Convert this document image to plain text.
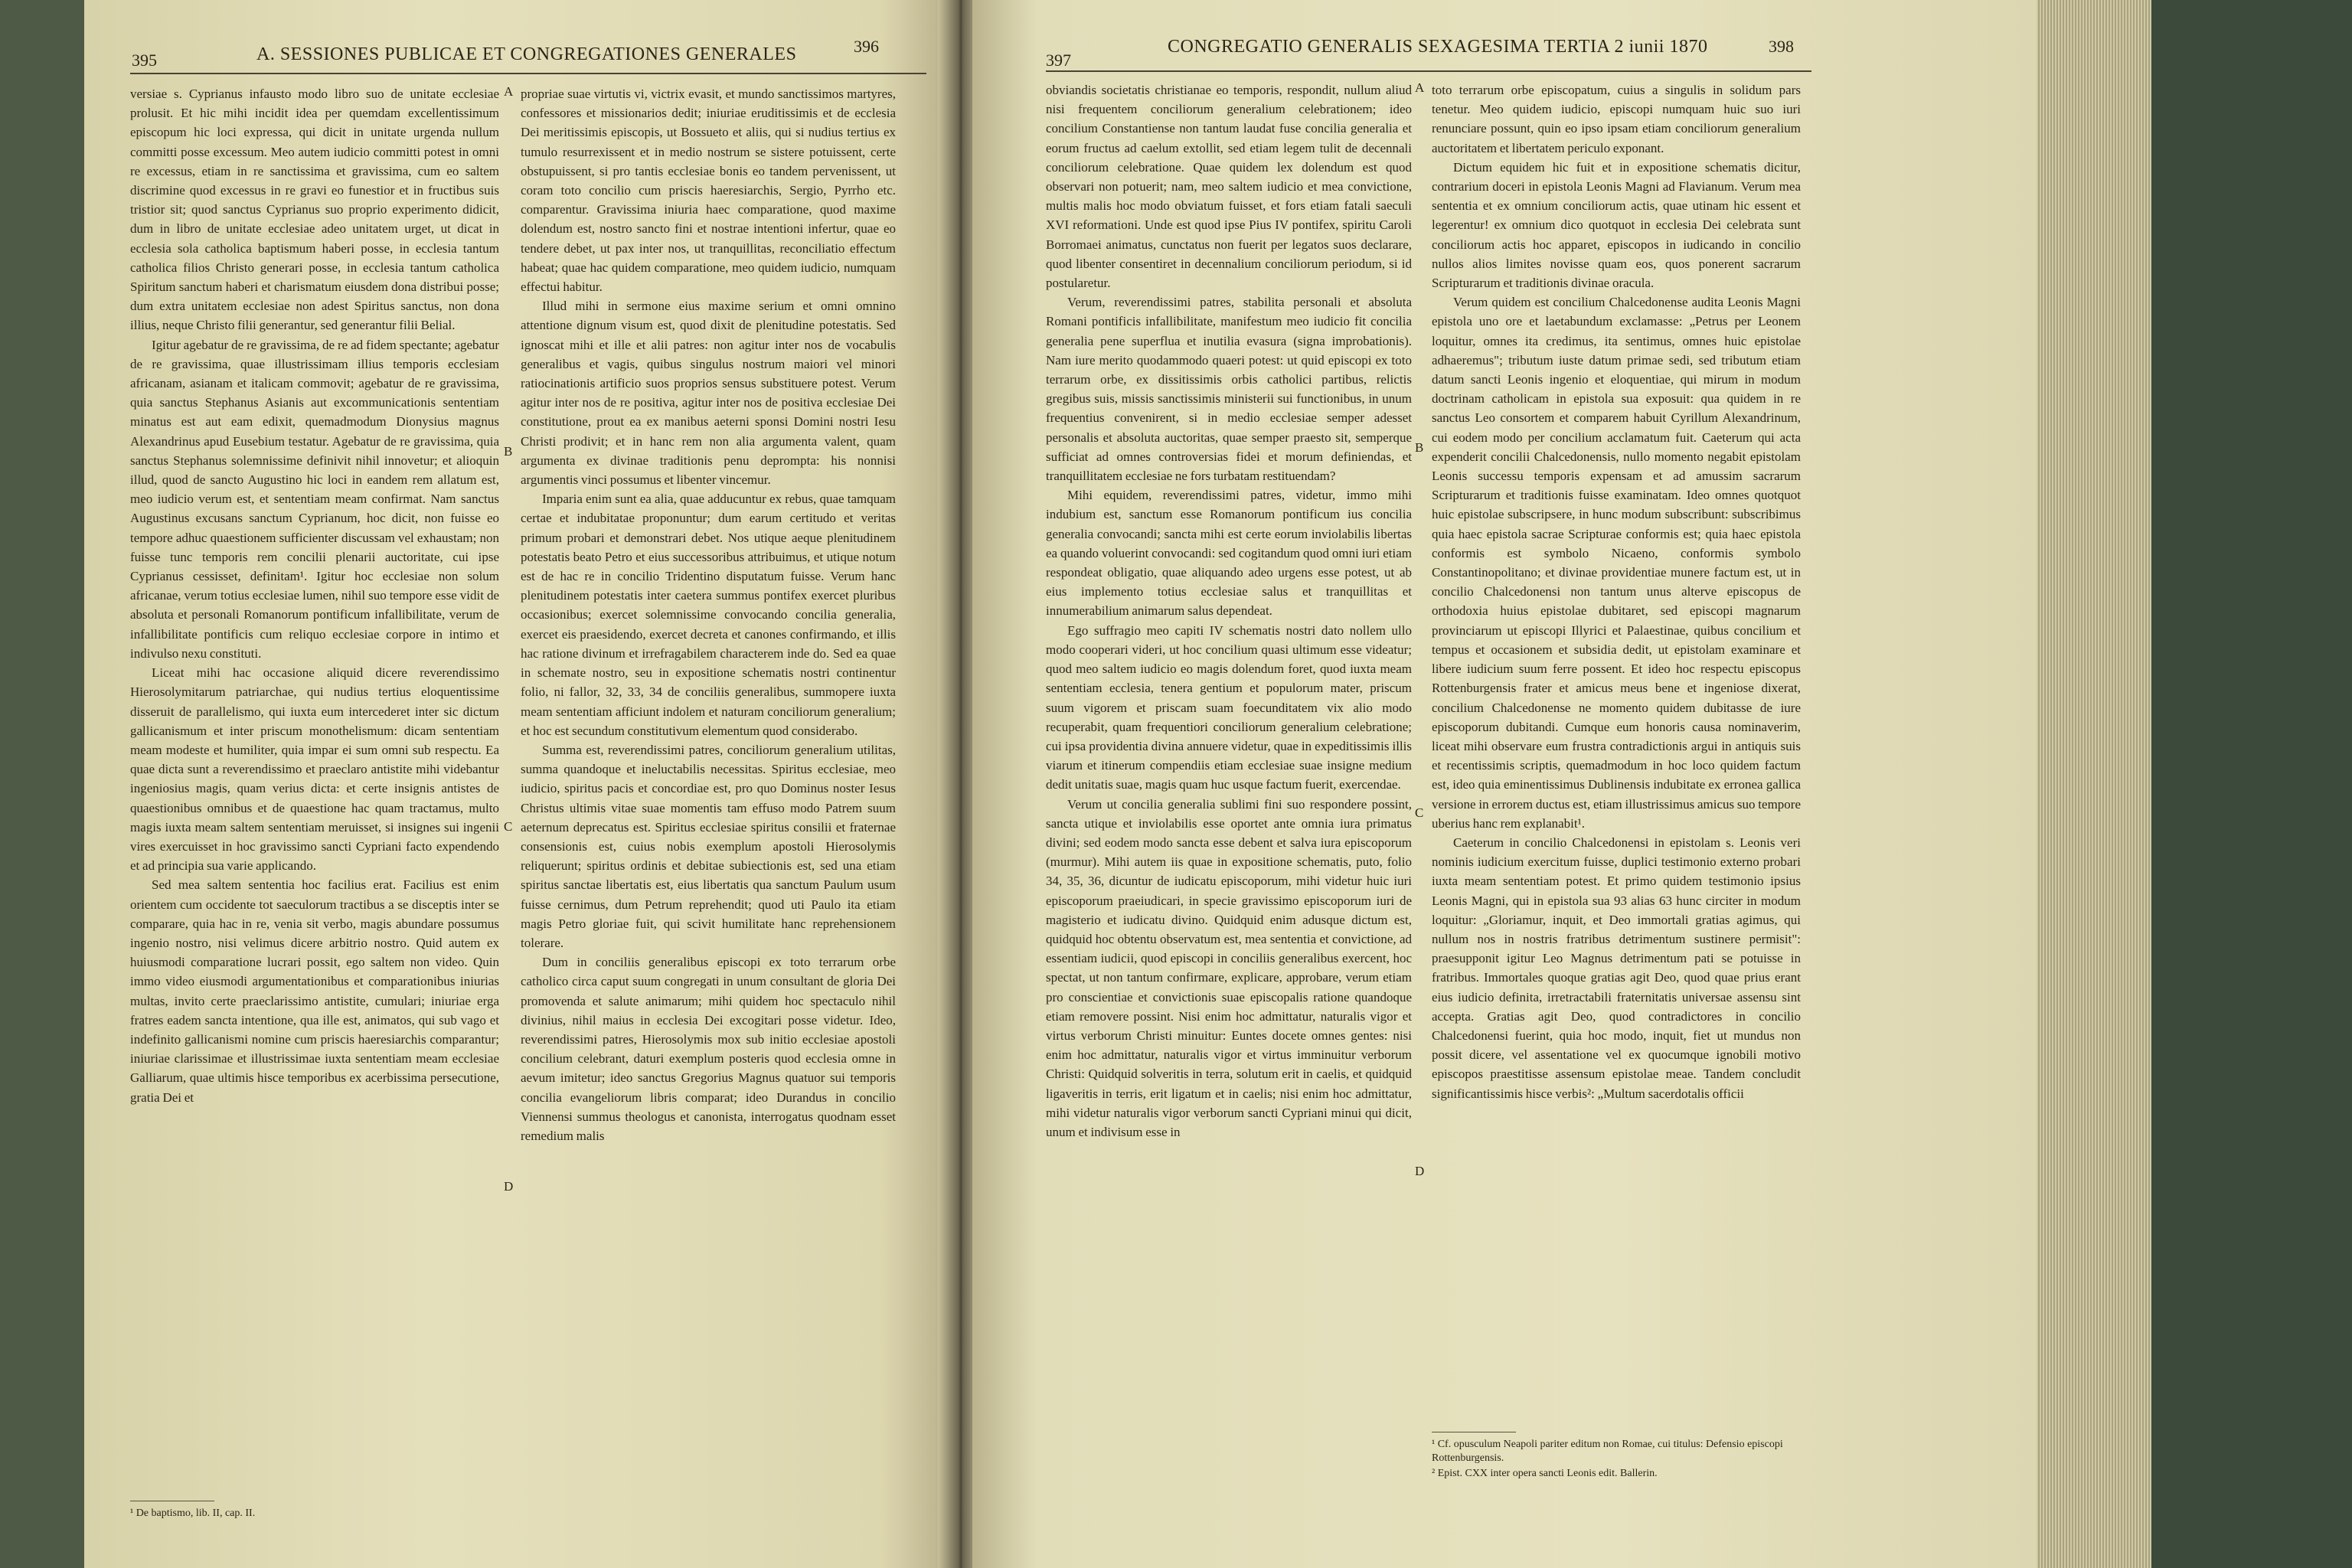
395	A. SESSIONES PUBLICAE ET CONGREGATIONES GENERALES	396

versiae s. Cyprianus infausto modo libro suo de unitate ecclesiae prolusit. Et hic mihi incidit idea per quemdam excellentissimum episcopum hic loci expressa, qui dicit in unitate urgenda nullum committi posse excessum. Meo autem iudicio committi potest in omni re excessus, etiam in re sanctissima et gravissima, cum eo saltem discrimine quod excessus in re gravi eo funestior et in fructibus suis tristior sit; quod sanctus Cyprianus suo proprio experimento didicit, dum in libro de unitate ecclesiae adeo unitatem urget, ut dicat in ecclesia sola catholica baptismum haberi posse, in ecclesia tantum catholica filios Christo generari posse, in ecclesia tantum catholica Spiritum sanctum haberi et charismatum eiusdem dona distribui posse; dum extra unitatem ecclesiae non adest Spiritus sanctus, non dona illius, neque Christo filii generantur, sed generantur filii Belial.

Igitur agebatur de re gravissima, de re ad fidem spectante; agebatur de re gravissima, quae illustrissimam illius temporis ecclesiam africanam, asianam et italicam commovit; agebatur de re gravissima, quia sanctus Stephanus Asianis aut excommunicationis sententiam minatus est aut eam edixit, quemadmodum Dionysius magnus Alexandrinus apud Eusebium testatur. Agebatur de re gravissima, quia sanctus Stephanus solemnissime definivit nihil innovetur; et alioquin illud, quod de sancto Augustino hic loci in eandem rem allatum est, meo iudicio verum est, et sententiam meam confirmat. Nam sanctus Augustinus excusans sanctum Cyprianum, hoc dicit, non fuisse eo tempore adhuc quaestionem sufficienter discussam vel exhaustam; non fuisse tunc temporis rem concilii plenarii auctoritate, cui ipse Cyprianus cessisset, definitam¹. Igitur hoc ecclesiae non solum africanae, verum totius ecclesiae lumen, nihil suo tempore esse vidit de absoluta et personali Romanorum pontificum infallibilitate, verum de infallibilitate pontificis cum reliquo ecclesiae corpore in intimo et indivulso nexu constituti.

Liceat mihi hac occasione aliquid dicere reverendissimo Hierosolymitarum patriarchae, qui nudius tertius eloquentissime disseruit de parallelismo, qui iuxta eum intercederet inter sic dictum gallicanismum et inter priscum monothelismum: dicam sententiam meam modeste et humiliter, quia impar ei sum omni sub respectu. Ea quae dicta sunt a reverendissimo et praeclaro antistite mihi videbantur ingeniosius magis, quam verius dicta: et certe insignis antistes de quaestionibus omnibus et de quaestione hac quam tractamus, multo magis iuxta meam saltem sententiam meruisset, si insignes sui ingenii vires exercuisset in hoc gravissimo sancti Cypriani facto expendendo et ad principia sua varie applicando.

Sed mea saltem sententia hoc facilius erat. Facilius est enim orientem cum occidente tot saeculorum tractibus a se disceptis inter se comparare, quia hac in re, venia sit verbo, magis abundare possumus ingenio nostro, nisi velimus dicere arbitrio nostro. Quid autem ex huiusmodi comparatione lucrari possit, ego saltem non video. Quin immo video eiusmodi argumentationibus et comparationibus iniurias multas, invito certe praeclarissimo antistite, cumulari; iniuriae erga fratres eadem sancta intentione, qua ille est, animatos, qui sub vago et indefinito gallicanismi nomine cum priscis haeresiarchis comparantur; iniuriae clarissimae et illustrissimae iuxta sententiam meam ecclesiae Galliarum, quae ultimis hisce temporibus ex acerbissima persecutione, gratia Dei et

A
B
C
D

propriae suae virtutis vi, victrix evasit, et mundo sanctissimos martyres, confessores et missionarios dedit; iniuriae eruditissimis et de ecclesia Dei meritissimis episcopis, ut Bossueto et aliis, qui si nudius tertius ex tumulo resurrexissent et in medio nostrum se sistere potuissent, certe obstupuissent, si pro tantis ecclesiae bonis eo tandem pervenissent, ut coram toto concilio cum priscis haeresiarchis, Sergio, Pyrrho etc. comparentur. Gravissima iniuria haec comparatione, quod maxime dolendum est, nostro sancto fini et nostrae intentioni infertur, quae eo tendere debet, ut pax inter nos, ut tranquillitas, reconciliatio effectum habeat; quae hac quidem comparatione, meo quidem iudicio, numquam effectui habitur.

Illud mihi in sermone eius maxime serium et omni omnino attentione dignum visum est, quod dixit de plenitudine potestatis. Sed ignoscat mihi et ille et alii patres: non agitur inter nos de vocabulis generalibus et vagis, quibus singulus nostrum maiori vel minori ratiocinationis artificio suos proprios sensus substituere potest. Verum agitur inter nos de re positiva, agitur inter nos de positiva ecclesiae Dei constitutione, prout ea ex manibus aeterni sponsi Domini nostri Iesu Christi prodivit; et in hanc rem non alia argumenta valent, quam argumenta ex divinae traditionis penu deprompta: his nonnisi argumentis vinci possumus et libenter vincemur.

Imparia enim sunt ea alia, quae adducuntur ex rebus, quae tamquam certae et indubitatae proponuntur; dum earum certitudo et veritas primum probari et demonstrari debet. Nos utique aeque plenitudinem potestatis beato Petro et eius successoribus attribuimus, et utique notum est de hac re in concilio Tridentino disputatum fuisse. Verum hanc plenitudinem potestatis inter caetera summus pontifex exercet pluribus occasionibus; exercet solemnissime convocando concilia generalia, exercet eis praesidendo, exercet decreta et canones confirmando, et illis hac ratione divinum et irrefragabilem characterem inde do. Sed ea quae in schemate nostro, seu in expositione schematis nostri continentur folio, ni fallor, 32, 33, 34 de conciliis generalibus, summopere iuxta meam sententiam afficiunt indolem et naturam conciliorum generalium; et hoc est secundum constitutivum elementum quod considerabo.

Summa est, reverendissimi patres, conciliorum generalium utilitas, summa quandoque et ineluctabilis necessitas. Spiritus ecclesiae, meo iudicio, spiritus pacis et concordiae est, pro quo Dominus noster Iesus Christus ultimis vitae suae momentis tam effuso modo Patrem suum aeternum deprecatus est. Spiritus ecclesiae spiritus consilii et fraternae consensionis est, cuius nobis exemplum apostoli Hierosolymis reliquerunt; spiritus ordinis et debitae subiectionis est, sed una etiam spiritus sanctae libertatis est, eius libertatis qua sanctum Paulum usum fuisse cernimus, dum Petrum reprehendit; quod uti Paulo ita etiam magis Petro gloriae fuit, qui scivit humilitate hanc reprehensionem tolerare.

Dum in conciliis generalibus episcopi ex toto terrarum orbe catholico circa caput suum congregati in unum consultant de gloria Dei promovenda et salute animarum; mihi quidem hoc spectaculo nihil divinius, nihil maius in ecclesia Dei excogitari posse videtur. Ideo, reverendissimi patres, Hierosolymis mox sub initio ecclesiae apostoli concilium celebrant, daturi exemplum posteris quod ecclesia omne in aevum imitetur; ideo sanctus Gregorius Magnus quatuor sui temporis concilia evangeliorum libris comparat; ideo Durandus in concilio Viennensi summus theologus et canonista, interrogatus quodnam esset remedium malis

¹ De baptismo, lib. II, cap. II.
397
CONGREGATIO GENERALIS SEXAGESIMA TERTIA 2 iunii 1870	398

obviandis societatis christianae eo temporis, respondit, nullum aliud nisi frequentem conciliorum generalium celebrationem; ideo concilium Constantiense non tantum laudat fuse concilia generalia et eorum fructus ad caelum extollit, sed etiam legem tulit de decennali conciliorum celebratione. Quae quidem lex dolendum est quod observari non potuerit; nam, meo saltem iudicio et mea convictione, multis malis hoc modo obviatum fuisset, et fors etiam fatali saeculi XVI reformationi. Unde est quod ipse Pius IV pontifex, spiritu Caroli Borromaei animatus, cunctatus non fuerit per legatos suos declarare, quod libenter consentiret in decennalium conciliorum periodum, si id postularetur.

Verum, reverendissimi patres, stabilita personali et absoluta Romani pontificis infallibilitate, manifestum meo iudicio fit concilia generalia pene superflua et inutilia evasura (signa improbationis). Nam iure merito quodammodo quaeri potest: ut quid episcopi ex toto terrarum orbe, ex dissitissimis orbis catholici partibus, relictis gregibus suis, missis sanctissimis ministerii sui functionibus, in unum frequentius convenirent, si in medio ecclesiae semper adesset personalis et absoluta auctoritas, quae semper praesto sit, semperque sufficiat ad omnes controversias fidei et morum definiendas, et tranquillitatem ecclesiae ne fors turbatam restituendam?

Mihi equidem, reverendissimi patres, videtur, immo mihi indubium est, sanctum esse Romanorum pontificum ius concilia generalia convocandi; sancta mihi est certe eorum inviolabilis libertas ea quando voluerint convocandi: sed cogitandum quod omni iuri etiam respondeat obligatio, quae aliquando adeo urgens esse potest, ut ab eius implemento totius ecclesiae salus et tranquillitas et innumerabilium animarum salus dependeat.

Ego suffragio meo capiti IV schematis nostri dato nollem ullo modo cooperari videri, ut hoc concilium quasi ultimum esse videatur; quod meo saltem iudicio eo magis dolendum foret, quod iuxta meam sententiam ecclesia, tenera gentium et populorum mater, priscum suum vigorem et priscam suam foecunditatem vix alio modo recuperabit, quam frequentiori conciliorum generalium celebratione; cui ipsa providentia divina annuere videtur, quae in expeditissimis illis viarum et itinerum compendiis etiam ecclesiae suae insigne medium dedit unitatis suae, magis quam huc usque factum fuerit, exercendae.

Verum ut concilia generalia sublimi fini suo respondere possint, sancta utique et inviolabilis esse oportet ante omnia iura primatus divini; sed eodem modo sancta esse debent et salva iura episcoporum (murmur). Mihi autem iis quae in expositione schematis, puto, folio 34, 35, 36, dicuntur de iudicatu episcoporum, mihi videtur huic iuri episcoporum praeiudicari, in specie gravissimo episcoporum iuri de magisterio et iudicatu divino. Quidquid enim adusque dictum est, quidquid hoc obtentu observatum est, mea sententia et convictione, ad essentiam iudicii, quod episcopi in conciliis generalibus exercent, hoc spectat, ut non tantum confirmare, explicare, approbare, verum etiam pro conscientiae et convictionis suae episcopalis ratione quandoque etiam removere possint. Nisi enim hoc admittatur, naturalis vigor et virtus verborum Christi minuitur: Euntes docete omnes gentes: nisi enim hoc admittatur, naturalis vigor et virtus imminuitur verborum Christi: Quidquid solveritis in terra, solutum erit in caelis, et quidquid ligaveritis in terris, erit ligatum et in caelis; nisi enim hoc admittatur, mihi videtur naturalis vigor verborum sancti Cypriani minui qui dicit, unum et indivisum esse in

A
B
C
D

toto terrarum orbe episcopatum, cuius a singulis in solidum pars tenetur. Meo quidem iudicio, episcopi numquam huic suo iuri renunciare possunt, quin eo ipso ipsam etiam conciliorum generalium auctoritatem et libertatem periculo exponant.

Dictum equidem hic fuit et in expositione schematis dicitur, contrarium doceri in epistola Leonis Magni ad Flavianum. Verum mea sententia et ex omnium conciliorum actis, quae utinam hic essent et legerentur! ex omnium dico quotquot in ecclesia Dei celebrata sunt conciliorum actis hoc apparet, episcopos in iudicando in concilio nullos alios limites novisse quam eos, quos ponerent sacrarum Scripturarum et traditionis divinae oracula.

Verum quidem est concilium Chalcedonense audita Leonis Magni epistola uno ore et laetabundum exclamasse: „Petrus per Leonem loquitur, omnes ita credimus, ita sentimus, omnes huic epistolae adhaeremus"; tributum iuste datum primae sedi, sed tributum etiam datum sancti Leonis ingenio et eloquentiae, qui mirum in modum doctrinam catholicam in epistola sua exposuit: qua quidem in re sanctus Leo consortem et comparem habuit Cyrillum Alexandrinum, cui eodem modo per concilium acclamatum fuit. Caeterum qui acta expenderit concilii Chalcedonensis, nullo momento negabit epistolam Leonis successu temporis expensam et ad amussim sacrarum Scripturarum et traditionis fuisse examinatam. Ideo omnes quotquot huic epistolae subscripsere, in hunc modum subscribunt: subscribimus quia haec epistola sacrae Scripturae conformis est; quia haec epistola conformis est symbolo Nicaeno, conformis symbolo Constantinopolitano; et divinae providentiae munere factum est, ut in concilio Chalcedonensi non tantum unus alterve episcopus de orthodoxia huius epistolae dubitaret, sed episcopi magnarum provinciarum ut episcopi Illyrici et Palaestinae, quibus concilium et tempus et occasionem et subsidia dedit, ut epistolam examinare et libere iudicium suum ferre possent. Et ideo hoc respectu episcopus Rottenburgensis frater et amicus meus bene et ingeniose dixerat, concilium Chalcedonense ne momento quidem dubitasse de iure episcoporum dubitandi. Cumque eum honoris causa nominaverim, liceat mihi observare eum frustra contradictionis argui in antiquis suis et recentissimis scriptis, quemadmodum in hoc loco quidem factum est, ideo quia eminentissimus Dublinensis indubitate ex erronea gallica versione in errorem ductus est, etiam illustrissimus amicus suo tempore uberius hanc rem explanabit¹.

Caeterum in concilio Chalcedonensi in epistolam s. Leonis veri nominis iudicium exercitum fuisse, duplici testimonio externo probari iuxta meam sententiam potest. Et primo quidem testimonio ipsius Leonis Magni, qui in epistola sua 93 alias 63 hunc circiter in modum loquitur: „Gloriamur, inquit, et Deo immortali gratias agimus, qui nullum nos in nostris fratribus detrimentum sustinere permisit": praesupponit igitur Leo Magnus detrimentum pati se potuisse in fratribus. Immortales quoque gratias agit Deo, quod quae prius erant eius iudicio definita, irretractabili fraternitatis universae assensu sint accepta. Gratias agit Deo, quod contradictores in concilio Chalcedonensi fuerint, quia hoc modo, inquit, fiet ut mundus non possit dicere, vel assentatione vel ex quocumque ignobili motivo episcopos praestitisse assensum epistolae meae. Tandem concludit significantissimis hisce verbis²: „Multum sacerdotalis officii

¹ Cf. opusculum Neapoli pariter editum non Romae, cui titulus: Defensio episcopi Rottenburgensis.
² Epist. CXX inter opera sancti Leonis edit. Ballerin.
